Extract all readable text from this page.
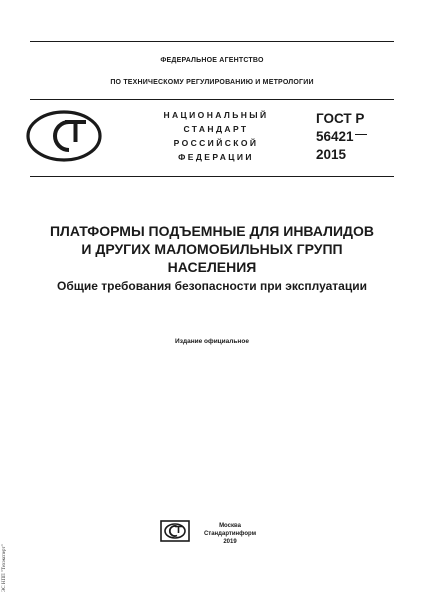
ФЕДЕРАЛЬНОЕ АГЕНТСТВО
ПО ТЕХНИЧЕСКОМУ РЕГУЛИРОВАНИЮ И МЕТРОЛОГИИ
НАЦИОНАЛЬНЫЙ
СТАНДАРТ
РОССИЙСКОЙ
ФЕДЕРАЦИИ
ГОСТ Р
56421
2015
ПЛАТФОРМЫ ПОДЪЕМНЫЕ ДЛЯ ИНВАЛИДОВ
И ДРУГИХ МАЛОМОБИЛЬНЫХ ГРУПП
НАСЕЛЕНИЯ
Общие требования безопасности при эксплуатации
Издание официальное
Москва
Стандартинформ
2019
ЭС НПП "Техэксперт"
